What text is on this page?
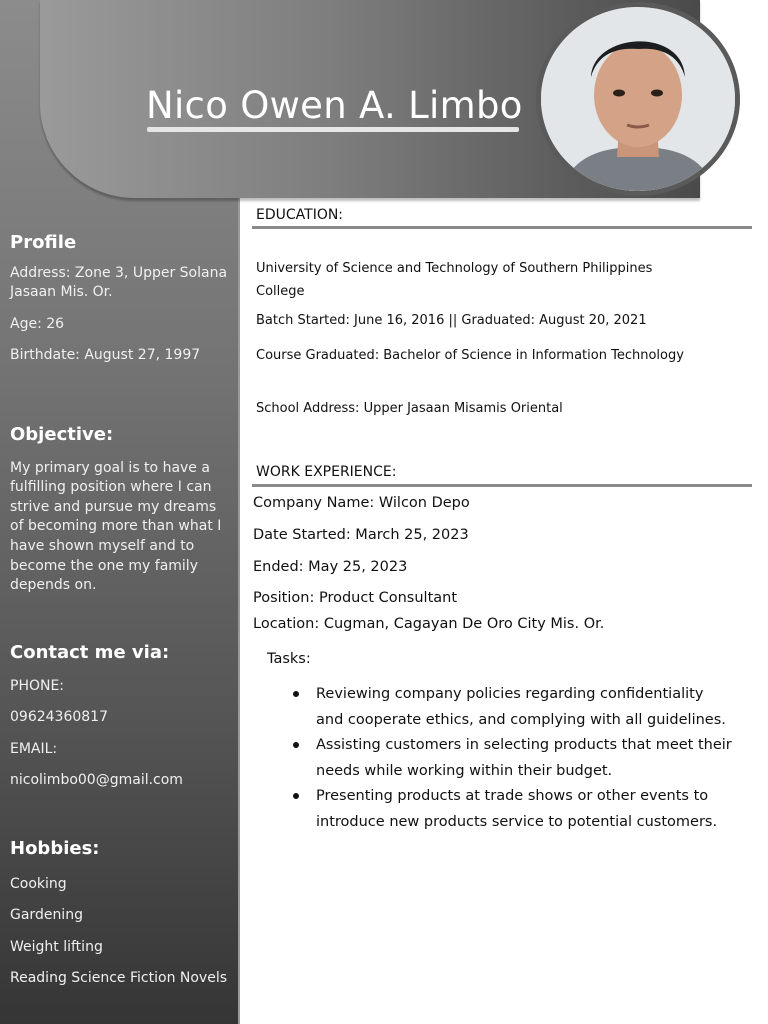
Nico Owen A. Limbo
Profile

Address: Zone 3, Upper Solana Jasaan Mis. Or.

Age: 26

Birthdate: August 27, 1997

Objective:

My primary goal is to have a fulfilling position where I can strive and pursue my dreams of becoming more than what I have shown myself and to become the one my family depends on.

Contact me via:

PHONE:

09624360817

EMAIL:

nicolimbo00@gmail.com

Hobbies:

Cooking

Gardening

Weight lifting

Reading Science Fiction Novels

EDUCATION:

University of Science and Technology of Southern Philippines College

Batch Started: June 16, 2016 || Graduated: August 20, 2021

Course Graduated: Bachelor of Science in Information Technology

School Address: Upper Jasaan Misamis Oriental

WORK EXPERIENCE:

Company Name: Wilcon Depo

Date Started: March 25, 2023

Ended: May 25, 2023

Position: Product Consultant

Location: Cugman, Cagayan De Oro City Mis. Or.

Tasks:
Reviewing company policies regarding confidentiality and cooperate ethics, and complying with all guidelines.
Assisting customers in selecting products that meet their needs while working within their budget.
Presenting products at trade shows or other events to introduce new products service to potential customers.
